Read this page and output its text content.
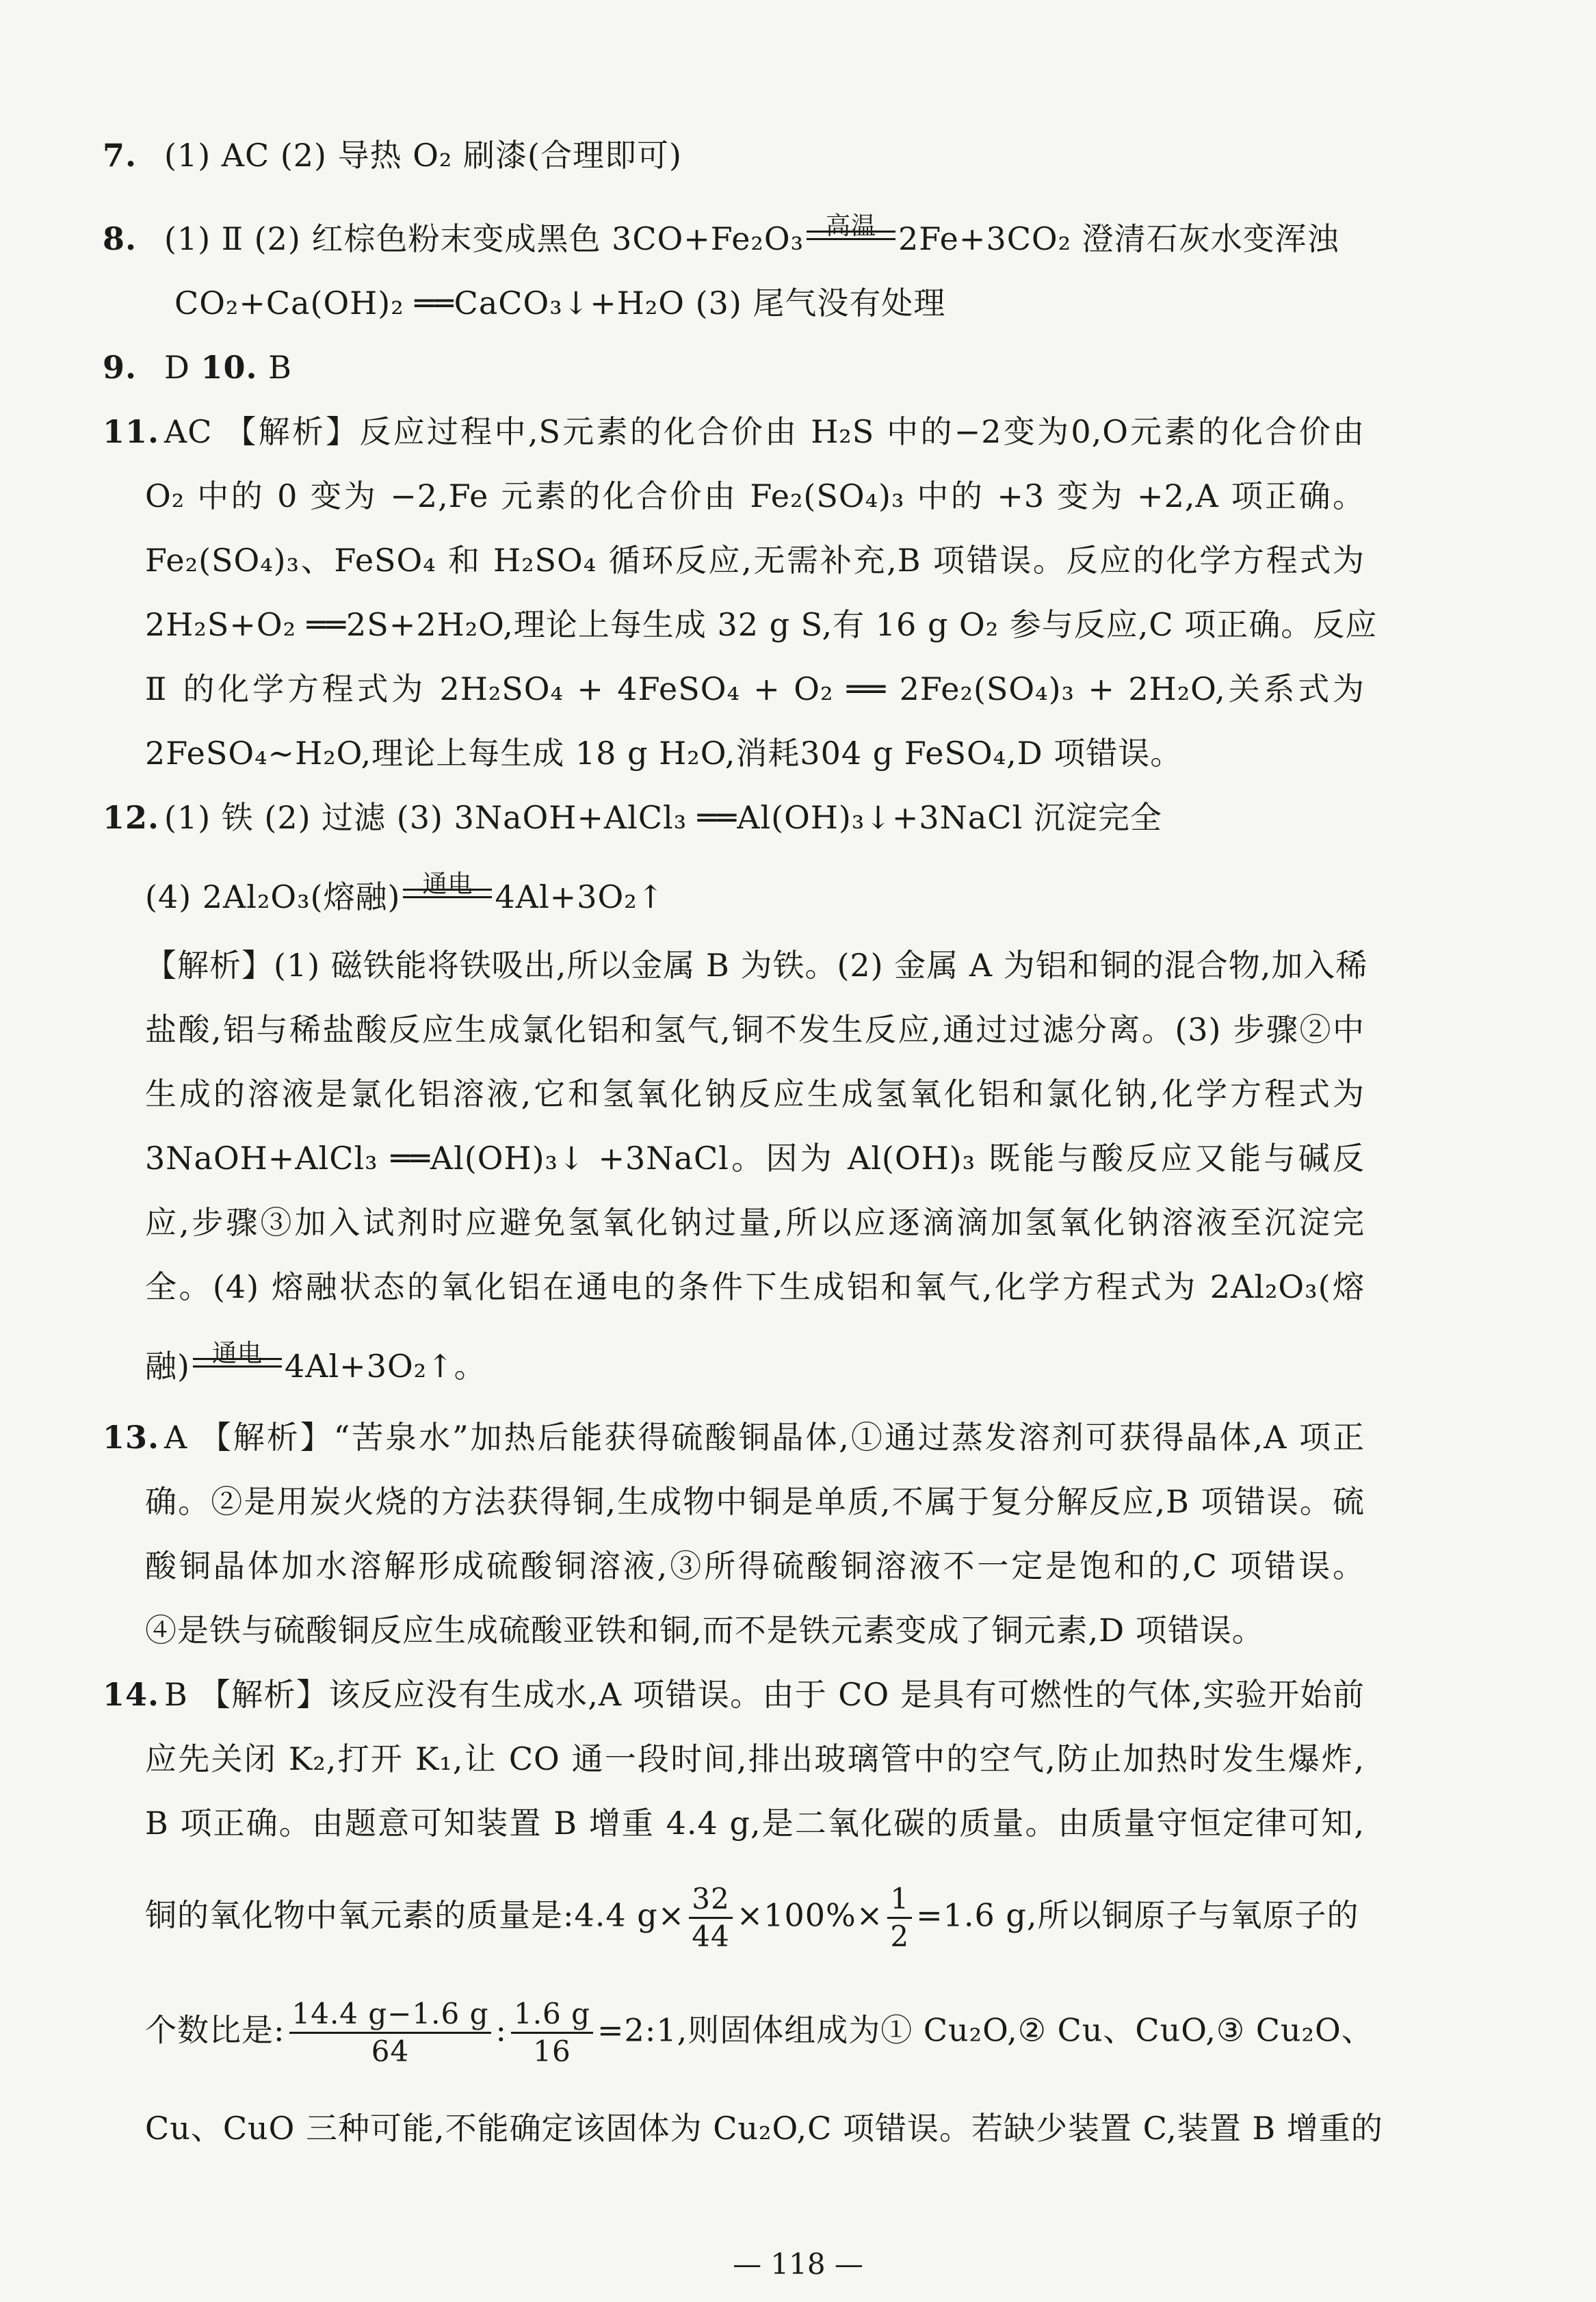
7. (1) AC (2) 导热 O₂ 刷漆(合理即可)
8. (1) Ⅱ (2) 红棕色粉末变成黑色 3CO+Fe₂O₃ 高温 2Fe+3CO₂ 澄清石灰水变浑浊
CO₂+Ca(OH)₂ ══CaCO₃↓+H₂O (3) 尾气没有处理
9. D 10. B
11. AC 【解析】反应过程中,S元素的化合价由 H₂S 中的−2变为0,O元素的化合价由
O₂ 中的 0 变为 −2,Fe 元素的化合价由 Fe₂(SO₄)₃ 中的 +3 变为 +2,A 项正确。
Fe₂(SO₄)₃、FeSO₄ 和 H₂SO₄ 循环反应,无需补充,B 项错误。反应的化学方程式为
2H₂S+O₂ ══2S+2H₂O,理论上每生成 32 g S,有 16 g O₂ 参与反应,C 项正确。反应
Ⅱ 的化学方程式为 2H₂SO₄ + 4FeSO₄ + O₂ ══ 2Fe₂(SO₄)₃ + 2H₂O,关系式为
2FeSO₄∼H₂O,理论上每生成 18 g H₂O,消耗304 g FeSO₄,D 项错误。
12. (1) 铁 (2) 过滤 (3) 3NaOH+AlCl₃ ══Al(OH)₃↓+3NaCl 沉淀完全
(4) 2Al₂O₃(熔融) 通电 4Al+3O₂↑
【解析】(1) 磁铁能将铁吸出,所以金属 B 为铁。(2) 金属 A 为铝和铜的混合物,加入稀
盐酸,铝与稀盐酸反应生成氯化铝和氢气,铜不发生反应,通过过滤分离。(3) 步骤②中
生成的溶液是氯化铝溶液,它和氢氧化钠反应生成氢氧化铝和氯化钠,化学方程式为
3NaOH+AlCl₃ ══Al(OH)₃↓ +3NaCl。因为 Al(OH)₃ 既能与酸反应又能与碱反
应,步骤③加入试剂时应避免氢氧化钠过量,所以应逐滴滴加氢氧化钠溶液至沉淀完
全。(4) 熔融状态的氧化铝在通电的条件下生成铝和氧气,化学方程式为 2Al₂O₃(熔
融) 通电 4Al+3O₂↑。
13. A 【解析】“苦泉水”加热后能获得硫酸铜晶体,①通过蒸发溶剂可获得晶体,A 项正
确。②是用炭火烧的方法获得铜,生成物中铜是单质,不属于复分解反应,B 项错误。硫
酸铜晶体加水溶解形成硫酸铜溶液,③所得硫酸铜溶液不一定是饱和的,C 项错误。
④是铁与硫酸铜反应生成硫酸亚铁和铜,而不是铁元素变成了铜元素,D 项错误。
14. B 【解析】该反应没有生成水,A 项错误。由于 CO 是具有可燃性的气体,实验开始前
应先关闭 K₂,打开 K₁,让 CO 通一段时间,排出玻璃管中的空气,防止加热时发生爆炸,
B 项正确。由题意可知装置 B 增重 4.4 g,是二氧化碳的质量。由质量守恒定律可知,
铜的氧化物中氧元素的质量是:4.4 $g\times \frac{32}{44} \times 100\%\times \frac{1}{2} =1.6$ g,所以铜原子与氧原子的
个数比是: $\frac{14.4 g-1.6 g}{64}$ : $\frac{1.6 g}{16}$ =2:1,则固体组成为① Cu₂O,② Cu、CuO,③ Cu₂O、
Cu、CuO 三种可能,不能确定该固体为 Cu₂O,C 项错误。若缺少装置 C,装置 B 增重的
— 118 —
